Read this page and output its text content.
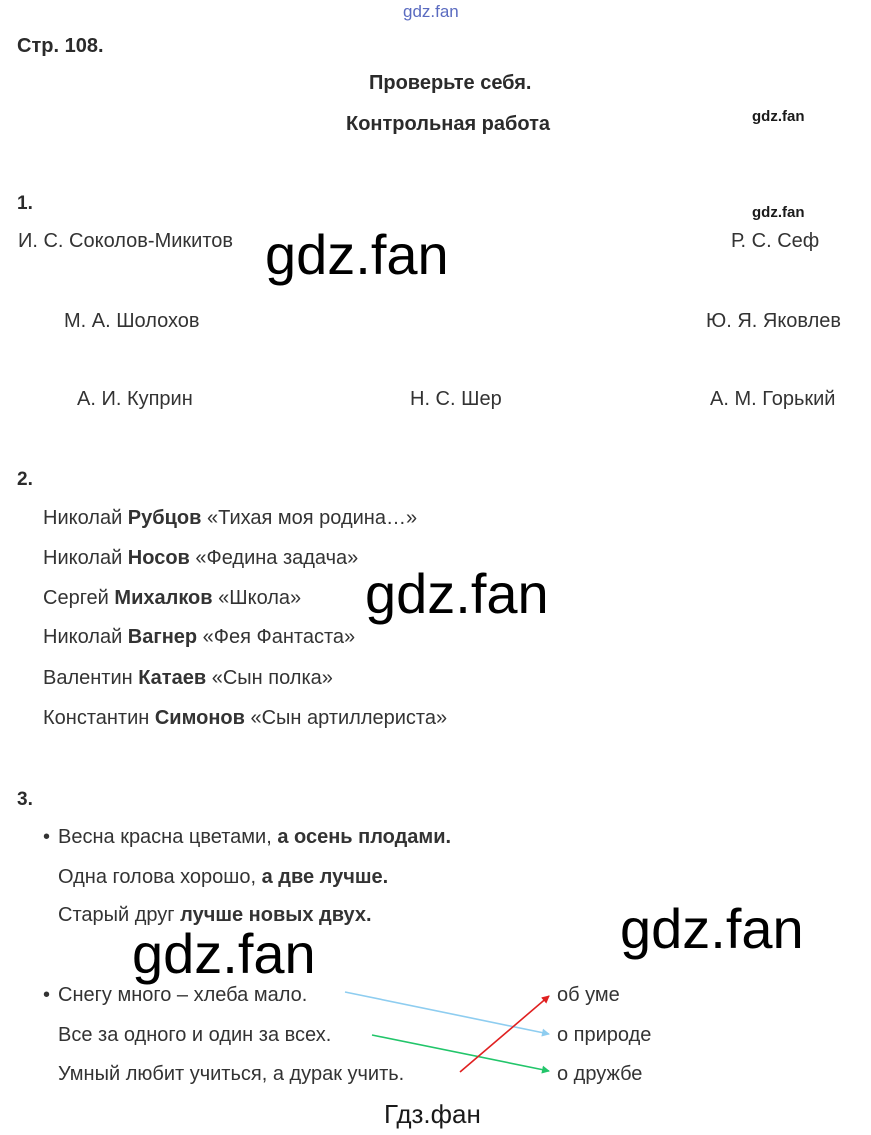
gdz.fan
Стр. 108.
Проверьте себя.
Контрольная работа	gdz.fan
gdz.fan
1.
И. С. Соколов-Микитов	Р. С. Сеф
М. А. Шолохов	Ю. Я. Яковлев
А. И. Куприн	Н. С. Шер	А. М. Горький
2.
Николай Рубцов «Тихая моя родина…»
Николай Носов «Федина задача»
Сергей Михалков «Школа»
Николай Вагнер «Фея Фантаста»
Валентин Катаев «Сын полка»
Константин Симонов «Сын артиллериста»
3.
• Весна красна цветами, а осень плодами.
Одна голова хорошо, а две лучше.
Старый друг лучше новых двух.
• Снегу много – хлеба мало.
Все за одного и один за всех.
Умный любит учиться, а дурак учить.
об уме
о природе
о дружбе
gdz.fan
gdz.fan
gdz.fan
gdz.fan
Гдз.фан
